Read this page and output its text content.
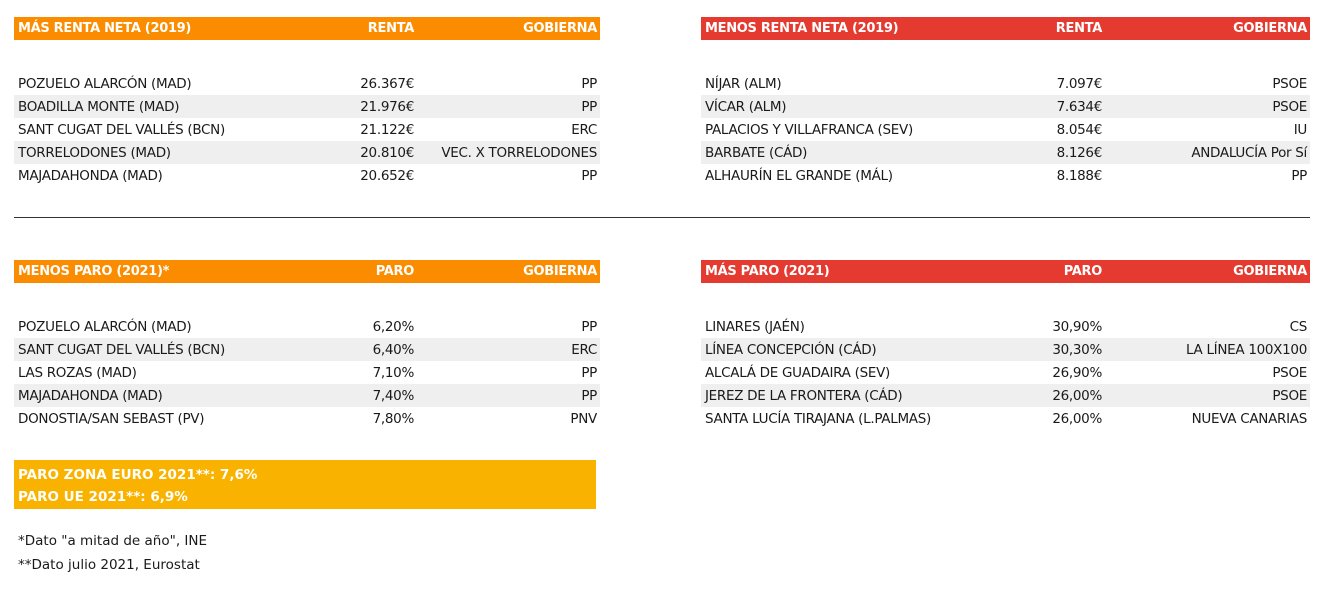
MÁS RENTA NETA (2019)	RENTA	GOBIERNA
POZUELO ALARCÓN (MAD)	26.367€	PP
BOADILLA MONTE (MAD)	21.976€	PP
SANT CUGAT DEL VALLÉS (BCN)	21.122€	ERC
TORRELODONES (MAD)	20.810€	VEC. X TORRELODONES
MAJADAHONDA (MAD)	20.652€	PP
MENOS RENTA NETA (2019)	RENTA	GOBIERNA
NÍJAR (ALM)	7.097€	PSOE
VÍCAR (ALM)	7.634€	PSOE
PALACIOS Y VILLAFRANCA (SEV)	8.054€	IU
BARBATE (CÁD)	8.126€	ANDALUCÍA Por Sí
ALHAURÍN EL GRANDE (MÁL)	8.188€	PP
MENOS PARO (2021)*	PARO	GOBIERNA
POZUELO ALARCÓN (MAD)	6,20%	PP
SANT CUGAT DEL VALLÉS (BCN)	6,40%	ERC
LAS ROZAS (MAD)	7,10%	PP
MAJADAHONDA (MAD)	7,40%	PP
DONOSTIA/SAN SEBAST (PV)	7,80%	PNV
MÁS PARO (2021)	PARO	GOBIERNA
LINARES (JAÉN)	30,90%	CS
LÍNEA CONCEPCIÓN (CÁD)	30,30%	LA LÍNEA 100X100
ALCALÁ DE GUADAIRA (SEV)	26,90%	PSOE
JEREZ DE LA FRONTERA (CÁD)	26,00%	PSOE
SANTA LUCÍA TIRAJANA (L.PALMAS)	26,00%	NUEVA CANARIAS
PARO ZONA EURO 2021**: 7,6%
PARO UE 2021**: 6,9%
*Dato "a mitad de año", INE
**Dato julio 2021, Eurostat
